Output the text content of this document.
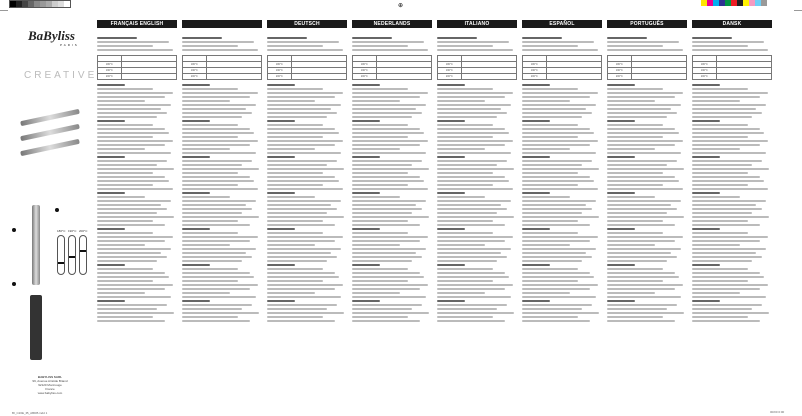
⊕
BaByliss
PARIS
CREATIVE
180°C 190°C 200°C
BABYLISS SARL
99, Avenue Aristide Briand
92120 Montrouge
France
www.babyliss.com
FRANÇAIS ENGLISH

180°C	
190°C	
200°C	

180°C	
190°C	
200°C	
DEUTSCH

180°C	
190°C	
200°C	
NEDERLANDS

180°C	
190°C	
200°C	
ITALIANO

180°C	
190°C	
200°C	
ESPAÑOL

180°C	
190°C	
200°C	
PORTUGUÊS

180°C	
190°C	
200°C	
DANSK

180°C	
190°C	
200°C	
BI_C20E_IB_ABDB.indd 1	00/00 0:00
